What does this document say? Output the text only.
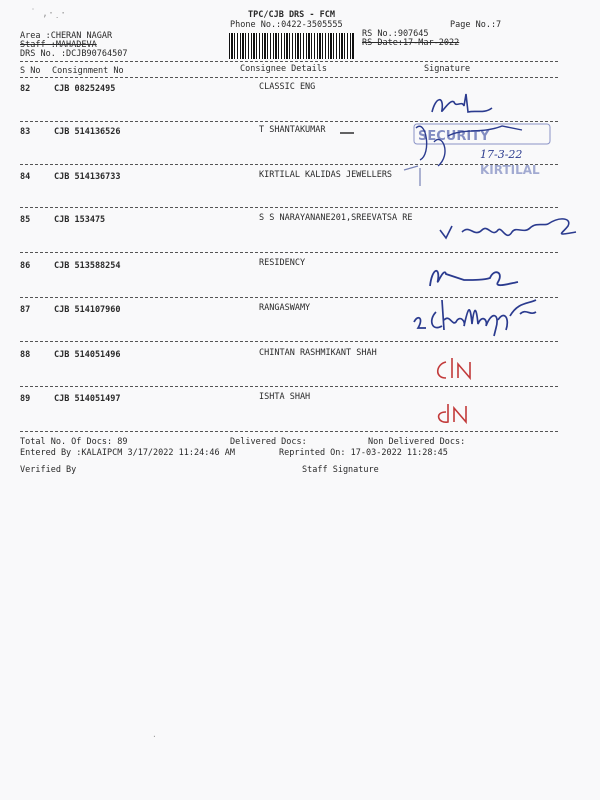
˙ ,·̣ ·	TPC/CJB DRS - FCM
Phone No.:0422-3505555	Page No.:7
Area :CHERAN NAGAR
Staff :MAHADEVA
DRS No. :DCJB90764507
RS No.:907645
RS Date:17-Mar-2022
S No Consignment No	Consignee Details	Signature
82	CJB 08252495	CLASSIC ENG
83	CJB 514136526	T SHANTAKUMAR
84	CJB 514136733	KIRTILAL KALIDAS JEWELLERS
85	CJB 153475	S S NARAYANANE201,SREEVATSA RE
86	CJB 513588254	RESIDENCY
87	CJB 514107960	RANGASWAMY
88	CJB 514051496	CHINTAN RASHMIKANT SHAH
89	CJB 514051497	ISHTA SHAH
Total No. Of Docs: 89	Delivered Docs:	Non Delivered Docs:
Entered By :KALAIPCM 3/17/2022 11:24:46 AM	Reprinted On: 17-03-2022 11:28:45
Verified By	Staff Signature
SECURITY
KIRTILAL
17-3-22
·
